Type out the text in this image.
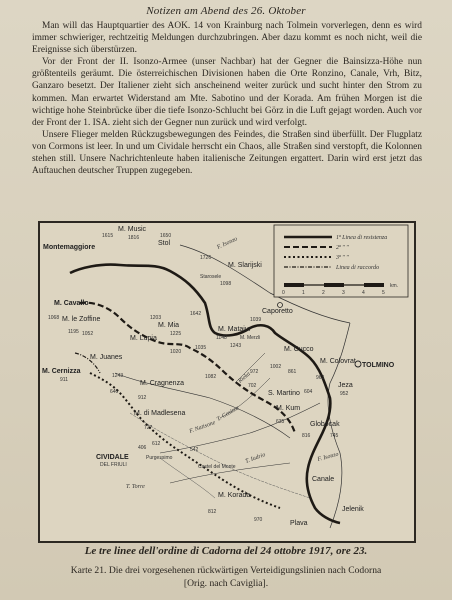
Notizen am Abend des 26. Oktober

Man will das Hauptquartier des AOK. 14 von Krainburg nach Tolmein vorverlegen, denn es wird immer schwieriger, rechtzeitig Meldungen durchzubringen. Aber dazu kommt es noch nicht, weil die Ereignisse sich überstürzen.

Vor der Front der II. Isonzo-Armee (unser Nachbar) hat der Gegner die Bainsizza-Höhe nun größtenteils geräumt. Die österreichischen Divisionen haben die Orte Ronzino, Canale, Vrh, Bitz, Ganzaro besetzt. Der Italiener zieht sich anscheinend weiter zurück und sucht hinter den Strom zu kommen. Man erwartet Widerstand am Mte. Sabotino und der Korada. Am frühen Morgen ist die wichtige hohe Steinbrücke über die tiefe Isonzo-Schlucht bei Görz in die Luft gejagt worden. Auch vor der Front der 1. ISA. zieht sich der Gegner nun zurück und wird verfolgt.

Unsere Flieger melden Rückzugsbewegungen des Feindes, die Straßen sind überfüllt. Der Flugplatz von Cormons ist leer. In und um Cividale herrscht ein Chaos, alle Straßen sind verstopft, die Kolonnen stehen still. Unsere Nachrichtenleute haben italienische Zeitungen ergattert. Darin wird erst jetzt das Auftauchen deutscher Truppen zugegeben.

1ª Linea di resistenza
2ª " "
3ª " "
Linea di raccordo
0	1	2	3	4	5
km.
M. Music
Stol
Montemaggiore	F. Isonzo
Starosele
M. Slarijski
Caporetto
M. Cavallo
M. le Zoffine
M. Mia
M. Lupia
M. Matajur
M. Merzli
M. Juanes
M. Cucco
M. Colovrat
TOLMINO
M. Cernizza
M. Cragnenza
S. Martino
M. Kum
Jeza
Globocak
M. di Madlesena
CIVIDALE
DEL FRIULI
Purgessimo
Castel del Monte
Canale
M. Korada
Jelenik
Plava
F. Natisone
F. Isonzo
T. Cosizza
T. Iudrio
T. Torre
Rieka
1615	1816	1650
1726
1098
1642
1225
1203
1068	1039
1243
1148
1195 1052
1020
1035
1243
912
727
612
911
640
1082
972
1002
702
861
963
952
406	542
812
970
816	745
635
604
Le tre linee dell'ordine di Cadorna del 24 ottobre 1917, ore 23.
Karte 21. Die drei vorgesehenen rückwärtigen Verteidigungslinien nach Codorna
[Orig. nach Caviglia].
